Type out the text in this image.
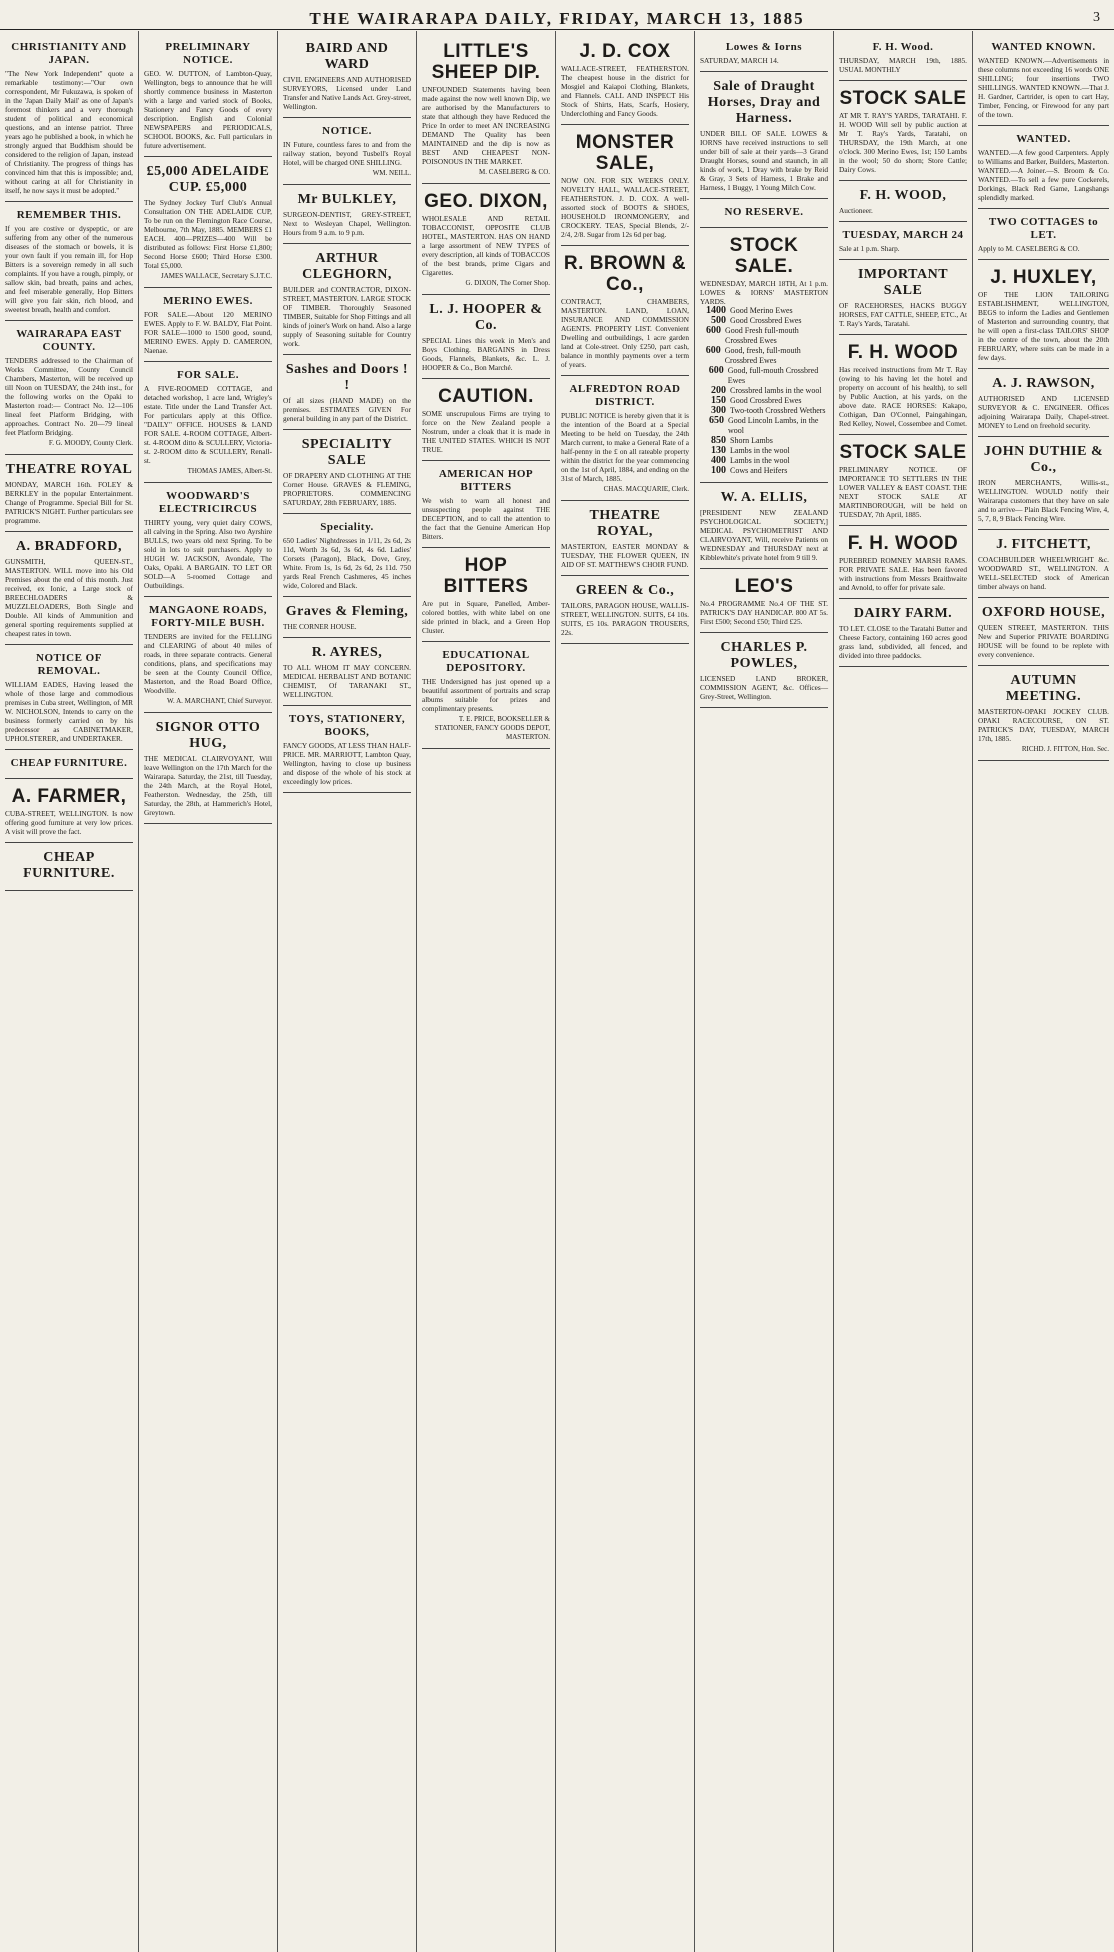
THE WAIRARAPA DAILY, FRIDAY, MARCH 13, 1885	3
CHRISTIANITY AND JAPAN.
"The New York Independent" quote a remarkable testimony:—"Our own correspondent, Mr Fukuzawa, is spoken of in the 'Japan Daily Mail' as one of Japan's foremost thinkers and a very thorough student of political and economical questions, and an intense patriot. Three years ago he published a book, in which he strongly argued that Buddhism should be considered to the religion of Japan, instead of Christianity. The progress of things has convinced him that this is impossible; and, without caring at all for Christianity in itself, he now says it must be adopted."
REMEMBER THIS.
If you are costive or dyspeptic, or are suffering from any other of the numerous diseases of the stomach or bowels, it is your own fault if you remain ill, for Hop Bitters is a sovereign remedy in all such complaints. If you have a rough, pimply, or sallow skin, bad breath, pains and aches, and feel miserable generally, Hop Bitters will give you fair skin, rich blood, and sweetest breath, health and comfort.
WAIRARAPA EAST COUNTY.
TENDERS addressed to the Chairman of Works Committee, County Council Chambers, Masterton, will be received up till Noon on TUESDAY, the 24th inst., for the following works on the Opaki to Masterton road:— Contract No. 12—106 lineal feet Platform Bridging, with approaches. Contract No. 20—79 lineal feet Platform Bridging.
F. G. MOODY, County Clerk.
THEATRE ROYAL
MONDAY, MARCH 16th. FOLEY & BERKLEY in the popular Entertainment. Change of Programme. Special Bill for St. PATRICK'S NIGHT. Further particulars see programme.
A. BRADFORD,
GUNSMITH, QUEEN-ST., MASTERTON. WILL move into his Old Premises about the end of this month. Just received, ex Ionic, a Large stock of BREECHLOADERS & MUZZLELOADERS, Both Single and Double. All kinds of Ammunition and general sporting requirements supplied at cheapest rates in town.
NOTICE OF REMOVAL.
WILLIAM EADES, Having leased the whole of those large and commodious premises in Cuba street, Wellington, of MR W. NICHOLSON, Intends to carry on the business formerly carried on by his predecessor as CABINETMAKER, UPHOLSTERER, and UNDERTAKER.
CHEAP FURNITURE.
A. FARMER,
CUBA-STREET, WELLINGTON. Is now offering good furniture at very low prices. A visit will prove the fact.
CHEAP FURNITURE.
PRELIMINARY NOTICE.
GEO. W. DUTTON, of Lambton-Quay, Wellington, begs to announce that he will shortly commence business in Masterton with a large and varied stock of Books, Stationery and Fancy Goods of every description. English and Colonial NEWSPAPERS and PERIODICALS, SCHOOL BOOKS, &c. Full particulars in future advertisement.
£5,000 ADELAIDE CUP. £5,000
The Sydney Jockey Turf Club's Annual Consultation ON THE ADELAIDE CUP, To be run on the Flemington Race Course, Melbourne, 7th May, 1885. MEMBERS £1 EACH. 400—PRIZES—400 Will be distributed as follows: First Horse £1,800; Second Horse £600; Third Horse £300. Total £5,000.
JAMES WALLACE, Secretary S.J.T.C.
MERINO EWES.
FOR SALE.—About 120 MERINO EWES. Apply to F. W. BALDY, Flat Point. FOR SALE—1000 to 1500 good, sound, MERINO EWES. Apply D. CAMERON, Naenae.
FOR SALE.
A FIVE-ROOMED COTTAGE, and detached workshop, 1 acre land, Wrigley's estate. Title under the Land Transfer Act. For particulars apply at this Office. "DAILY" OFFICE. HOUSES & LAND FOR SALE. 4-ROOM COTTAGE, Albert-st. 4-ROOM ditto & SCULLERY, Victoria-st. 2-ROOM ditto & SCULLERY, Renall-st.
THOMAS JAMES, Albert-St.
WOODWARD'S ELECTRICIRCUS
THIRTY young, very quiet dairy COWS, all calving in the Spring. Also two Ayrshire BULLS, two years old next Spring. To be sold in lots to suit purchasers. Apply to HUGH W. JACKSON, Avondale, The Oaks, Opaki. A BARGAIN. TO LET OR SOLD—A 5-roomed Cottage and Outbuildings.
MANGAONE ROADS, FORTY-MILE BUSH.
TENDERS are invited for the FELLING and CLEARING of about 40 miles of roads, in three separate contracts. General conditions, plans, and specifications may be seen at the County Council Office, Masterton, and the Road Board Office, Woodville.
W. A. MARCHANT, Chief Surveyor.
SIGNOR OTTO HUG,
THE MEDICAL CLAIRVOYANT, Will leave Wellington on the 17th March for the Wairarapa. Saturday, the 21st, till Tuesday, the 24th March, at the Royal Hotel, Featherston. Wednesday, the 25th, till Saturday, the 28th, at Hammerich's Hotel, Greytown.
BAIRD AND WARD
CIVIL ENGINEERS AND AUTHORISED SURVEYORS, Licensed under Land Transfer and Native Lands Act. Grey-street, Wellington.
NOTICE.
IN Future, countless fares to and from the railway station, beyond Tusbell's Royal Hotel, will be charged ONE SHILLING.
WM. NEILL.
Mr BULKLEY,
SURGEON-DENTIST, GREY-STREET, Next to Wesleyan Chapel, Wellington. Hours from 9 a.m. to 9 p.m.
ARTHUR CLEGHORN,
BUILDER and CONTRACTOR, DIXON-STREET, MASTERTON. LARGE STOCK OF TIMBER. Thoroughly Seasoned TIMBER, Suitable for Shop Fittings and all kinds of joiner's Work on hand. Also a large supply of Seasoning suitable for Country work.
Sashes and Doors ! !
Of all sizes (HAND MADE) on the premises. ESTIMATES GIVEN For general building in any part of the District.
SPECIALITY SALE
OF DRAPERY AND CLOTHING AT THE Corner House. GRAVES & FLEMING, PROPRIETORS. COMMENCING SATURDAY, 28th FEBRUARY, 1885.
Speciality.
650 Ladies' Nightdresses in 1/11, 2s 6d, 2s 11d, Worth 3s 6d, 3s 6d, 4s 6d. Ladies' Corsets (Paragon), Black, Dove, Grey, White. From 1s, 1s 6d, 2s 6d, 2s 11d. 750 yards Real French Cashmeres, 45 inches wide, Colored and Black.
Graves & Fleming,
THE CORNER HOUSE.
R. AYRES,
TO ALL WHOM IT MAY CONCERN. MEDICAL HERBALIST AND BOTANIC CHEMIST, Of TARANAKI ST., WELLINGTON.
TOYS, STATIONERY, BOOKS,
FANCY GOODS, AT LESS THAN HALF-PRICE. MR. MARRIOTT, Lambton Quay, Wellington, having to close up business and dispose of the whole of his stock at exceedingly low prices.
LITTLE'S SHEEP DIP.
UNFOUNDED Statements having been made against the now well known Dip, we are authorised by the Manufacturers to state that although they have Reduced the Price In order to meet AN INCREASING DEMAND The Quality has been MAINTAINED and the dip is now as BEST AND CHEAPEST NON-POISONOUS IN THE MARKET.
M. CASELBERG & CO.
GEO. DIXON,
WHOLESALE AND RETAIL TOBACCONIST, OPPOSITE CLUB HOTEL, MASTERTON. HAS ON HAND a large assortment of NEW TYPES of every description, all kinds of TOBACCOS of the best brands, prime Cigars and Cigarettes.
G. DIXON, The Corner Shop.
L. J. HOOPER & Co.
SPECIAL Lines this week in Men's and Boys Clothing. BARGAINS in Dress Goods, Flannels, Blankets, &c. L. J. HOOPER & Co., Bon Marché.
CAUTION.
SOME unscrupulous Firms are trying to force on the New Zealand people a Nostrum, under a cloak that it is made in THE UNITED STATES. WHICH IS NOT TRUE.
AMERICAN HOP BITTERS
We wish to warn all honest and unsuspecting people against THE DECEPTION, and to call the attention to the fact that the Genuine American Hop Bitters.
HOP BITTERS
Are put in Square, Panelled, Amber-colored bottles, with white label on one side printed in black, and a Green Hop Cluster.
EDUCATIONAL DEPOSITORY.
THE Undersigned has just opened up a beautiful assortment of portraits and scrap albums suitable for prizes and complimentary presents.
T. E. PRICE, BOOKSELLER & STATIONER, FANCY GOODS DEPOT, MASTERTON.
J. D. COX
WALLACE-STREET, FEATHERSTON. The cheapest house in the district for Mosgiel and Kaiapoi Clothing, Blankets, and Flannels. CALL AND INSPECT His Stock of Shirts, Hats, Scarfs, Hosiery, Underclothing and Fancy Goods.
MONSTER SALE,
NOW ON. FOR SIX WEEKS ONLY. NOVELTY HALL, WALLACE-STREET, FEATHERSTON. J. D. COX. A well-assorted stock of BOOTS & SHOES, HOUSEHOLD IRONMONGERY, and CROCKERY. TEAS, Special Blends, 2/- 2/4, 2/8. Sugar from 12s 6d per bag.
R. BROWN & Co.,
CONTRACT, CHAMBERS, MASTERTON. LAND, LOAN, INSURANCE AND COMMISSION AGENTS. PROPERTY LIST. Convenient Dwelling and outbuildings, 1 acre garden land at Cole-street. Only £250, part cash, balance in monthly payments over a term of years.
ALFREDTON ROAD DISTRICT.
PUBLIC NOTICE is hereby given that it is the intention of the Board at a Special Meeting to be held on Tuesday, the 24th March current, to make a General Rate of a half-penny in the £ on all rateable property within the district for the year commencing on the 1st of April, 1884, and ending on the 31st of March, 1885.
CHAS. MACQUARIE, Clerk.
THEATRE ROYAL,
MASTERTON, EASTER MONDAY & TUESDAY, THE FLOWER QUEEN, IN AID OF ST. MATTHEW'S CHOIR FUND.
GREEN & Co.,
TAILORS, PARAGON HOUSE, WALLIS-STREET, WELLINGTON. SUITS, £4 10s. SUITS, £5 10s. PARAGON TROUSERS, 22s.
Lowes & Iorns
SATURDAY, MARCH 14.
Sale of Draught Horses, Dray and Harness.
UNDER BILL OF SALE. LOWES & IORNS have received instructions to sell under bill of sale at their yards—3 Grand Draught Horses, sound and staunch, in all kinds of work, 1 Dray with brake by Reid & Gray, 3 Sets of Harness, 1 Brake and Harness, 1 Buggy, 1 Young Milch Cow.
NO RESERVE.
STOCK SALE.
WEDNESDAY, MARCH 18TH, At 1 p.m. LOWES & IORNS' MASTERTON YARDS.
1400 Good Merino Ewes
500 Good Crossbred Ewes
600 Good Fresh full-mouth Crossbred Ewes
600 Good, fresh, full-mouth Crossbred Ewes
600 Good, full-mouth Crossbred Ewes
200 Crossbred lambs in the wool
150 Good Crossbred Ewes
300 Two-tooth Crossbred Wethers
650 Good Lincoln Lambs, in the wool
850 Shorn Lambs
130 Lambs in the wool
400 Lambs in the wool
100 Cows and Heifers
W. A. ELLIS,
[PRESIDENT NEW ZEALAND PSYCHOLOGICAL SOCIETY,] MEDICAL PSYCHOMETRIST AND CLAIRVOYANT, Will, receive Patients on WEDNESDAY and THURSDAY next at Kibblewhite's private hotel from 9 till 9.
LEO'S
No.4 PROGRAMME No.4 OF THE ST. PATRICK'S DAY HANDICAP. 800 AT 5s. First £500; Second £50; Third £25.
CHARLES P. POWLES,
LICENSED LAND BROKER, COMMISSION AGENT, &c. Offices—Grey-Street, Wellington.
F. H. Wood.
THURSDAY, MARCH 19th, 1885. USUAL MONTHLY
STOCK SALE
AT MR T. RAY'S YARDS, TARATAHI. F. H. WOOD Will sell by public auction at Mr T. Ray's Yards, Taratahi, on THURSDAY, the 19th March, at one o'clock. 300 Merino Ewes, 1st; 150 Lambs in the wool; 50 do shorn; Store Cattle; Dairy Cows.
F. H. WOOD,
Auctioneer.
TUESDAY, MARCH 24
Sale at 1 p.m. Sharp.
IMPORTANT SALE
OF RACEHORSES, HACKS BUGGY HORSES, FAT CATTLE, SHEEP, ETC., At T. Ray's Yards, Taratahi.
F. H. WOOD
Has received instructions from Mr T. Ray (owing to his having let the hotel and property on account of his health), to sell by Public Auction, at his yards, on the above date. RACE HORSES: Kakapo, Cothigan, Dan O'Connel, Paingahingan, Red Kelley, Nowel, Cossembee and Comet.
STOCK SALE
PRELIMINARY NOTICE. OF IMPORTANCE TO SETTLERS IN THE LOWER VALLEY & EAST COAST. THE NEXT STOCK SALE AT MARTINBOROUGH, will be held on TUESDAY, 7th April, 1885.
F. H. WOOD
PUREBRED ROMNEY MARSH RAMS. FOR PRIVATE SALE. Has been favored with instructions from Messrs Braithwaite and Avnold, to offer for private sale.
DAIRY FARM.
TO LET. CLOSE to the Taratahi Butter and Cheese Factory, containing 160 acres good grass land, subdivided, all fenced, and divided into three paddocks.
WANTED KNOWN.
WANTED KNOWN.—Advertisements in these columns not exceeding 16 words ONE SHILLING; four insertions TWO SHILLINGS. WANTED KNOWN.—That J. H. Gardner, Cartrider, is open to cart Hay, Timber, Fencing, or Firewood for any part of the town.
WANTED.
WANTED.—A few good Carpenters. Apply to Williams and Barker, Builders, Masterton. WANTED.—A Joiner.—S. Broom & Co. WANTED.—To sell a few pure Cockerels, Dorkings, Black Red Game, Langshangs splendidly marked.
TWO COTTAGES to LET.
Apply to M. CASELBERG & CO.
J. HUXLEY,
OF THE LION TAILORING ESTABLISHMENT, WELLINGTON, BEGS to inform the Ladies and Gentlemen of Masterton and surrounding country, that he will open a first-class TAILORS' SHOP in the centre of the town, about the 20th FEBRUARY, where suits can be made in a few days.
A. J. RAWSON,
AUTHORISED AND LICENSED SURVEYOR & C. ENGINEER. Offices adjoining Wairarapa Daily, Chapel-street. MONEY to Lend on freehold security.
JOHN DUTHIE & Co.,
IRON MERCHANTS, Willis-st., WELLINGTON. WOULD notify their Wairarapa customers that they have on sale and to arrive— Plain Black Fencing Wire, 4, 5, 7, 8, 9 Black Fencing Wire.
J. FITCHETT,
COACHBUILDER WHEELWRIGHT &c. WOODWARD ST., WELLINGTON. A WELL-SELECTED stock of American timber always on hand.
OXFORD HOUSE,
QUEEN STREET, MASTERTON. THIS New and Superior PRIVATE BOARDING HOUSE will be found to be replete with every convenience.
AUTUMN MEETING.
MASTERTON-OPAKI JOCKEY CLUB. OPAKI RACECOURSE, ON ST. PATRICK'S DAY, TUESDAY, MARCH 17th, 1885.
RICHD. J. FITTON, Hon. Sec.
